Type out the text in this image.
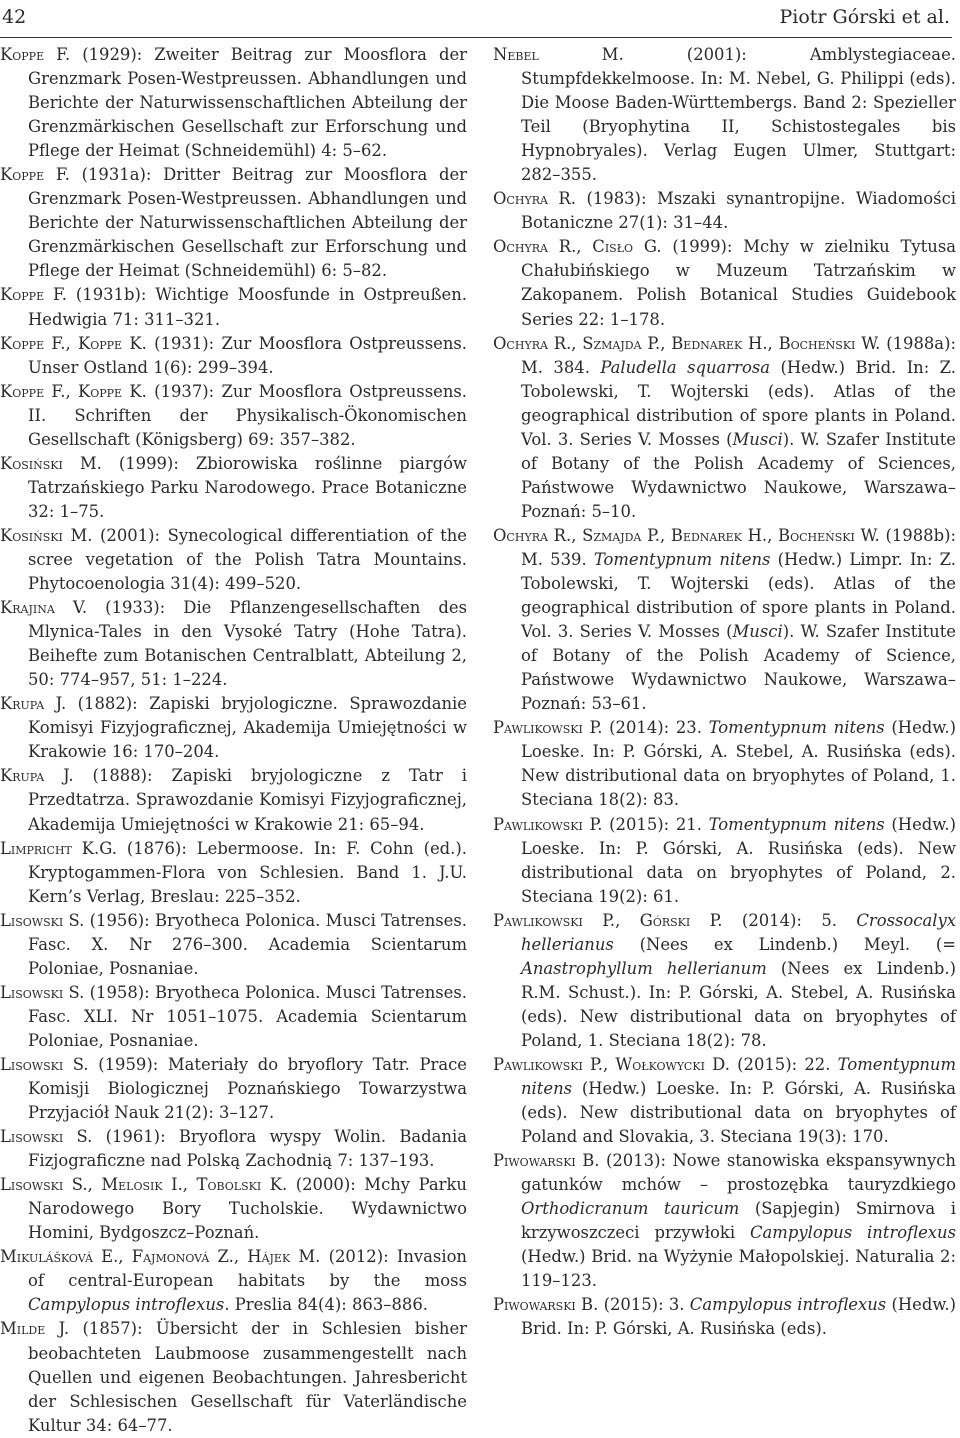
42	Piotr Górski et al.

Koppe F. (1929): Zweiter Beitrag zur Moosflora der Grenzmark Posen-Westpreussen. Abhandlungen und Berichte der Naturwissenschaftlichen Abteilung der Grenzmärkischen Gesellschaft zur Erforschung und Pflege der Heimat (Schneidemühl) 4: 5–62.

Koppe F. (1931a): Dritter Beitrag zur Moosflora der Grenzmark Posen-Westpreussen. Abhandlungen und Berichte der Naturwissenschaftlichen Abteilung der Grenzmärkischen Gesellschaft zur Erforschung und Pflege der Heimat (Schneidemühl) 6: 5–82.

Koppe F. (1931b): Wichtige Moosfunde in Ostpreußen. Hedwigia 71: 311–321.

Koppe F., Koppe K. (1931): Zur Moosflora Ostpreussens. Unser Ostland 1(6): 299–394.

Koppe F., Koppe K. (1937): Zur Moosflora Ostpreussens. II. Schriften der Physikalisch-Ökonomischen Gesellschaft (Königsberg) 69: 357–382.

Kosiński M. (1999): Zbiorowiska roślinne piargów Tatrzańskiego Parku Narodowego. Prace Botaniczne 32: 1–75.

Kosiński M. (2001): Synecological differentiation of the scree vegetation of the Polish Tatra Mountains. Phytocoenologia 31(4): 499–520.

Krajina V. (1933): Die Pflanzengesellschaften des Mlynica-Tales in den Vysoké Tatry (Hohe Tatra). Beihefte zum Botanischen Centralblatt, Abteilung 2, 50: 774–957, 51: 1–224.

Krupa J. (1882): Zapiski bryjologiczne. Sprawozdanie Komisyi Fizyjograficznej, Akademija Umiejętności w Krakowie 16: 170–204.

Krupa J. (1888): Zapiski bryjologiczne z Tatr i Przedtatrza. Sprawozdanie Komisyi Fizyjograficznej, Akademija Umiejętności w Krakowie 21: 65–94.

Limpricht K.G. (1876): Lebermoose. In: F. Cohn (ed.). Kryptogammen-Flora von Schlesien. Band 1. J.U. Kern’s Verlag, Breslau: 225–352.

Lisowski S. (1956): Bryotheca Polonica. Musci Tatrenses. Fasc. X. Nr 276–300. Academia Scientarum Poloniae, Posnaniae.

Lisowski S. (1958): Bryotheca Polonica. Musci Tatrenses. Fasc. XLI. Nr 1051–1075. Academia Scientarum Poloniae, Posnaniae.

Lisowski S. (1959): Materiały do bryoflory Tatr. Prace Komisji Biologicznej Poznańskiego Towarzystwa Przyjaciół Nauk 21(2): 3–127.

Lisowski S. (1961): Bryoflora wyspy Wolin. Badania Fizjograficzne nad Polską Zachodnią 7: 137–193.

Lisowski S., Melosik I., Tobolski K. (2000): Mchy Parku Narodowego Bory Tucholskie. Wydawnictwo Homini, Bydgoszcz–Poznań.

Mikulášková E., Fajmonová Z., Hájek M. (2012): Invasion of central-European habitats by the moss Campylopus introflexus. Preslia 84(4): 863–886.

Milde J. (1857): Übersicht der in Schlesien bisher beobachteten Laubmoose zusammengestellt nach Quellen und eigenen Beobachtungen. Jahresbericht der Schlesischen Gesellschaft für Vaterländische Kultur 34: 64–77.

Nebel M. (2001): Amblystegiaceae. Stumpfdekkelmoose. In: M. Nebel, G. Philippi (eds). Die Moose Baden-Württembergs. Band 2: Spezieller Teil (Bryophytina II, Schistostegales bis Hypnobryales). Verlag Eugen Ulmer, Stuttgart: 282–355.

Ochyra R. (1983): Mszaki synantropijne. Wiadomości Botaniczne 27(1): 31–44.

Ochyra R., Cisło G. (1999): Mchy w zielniku Tytusa Chałubińskiego w Muzeum Tatrzańskim w Zakopanem. Polish Botanical Studies Guidebook Series 22: 1–178.

Ochyra R., Szmajda P., Bednarek H., Bocheński W. (1988a): M. 384. Paludella squarrosa (Hedw.) Brid. In: Z. Tobolewski, T. Wojterski (eds). Atlas of the geographical distribution of spore plants in Poland. Vol. 3. Series V. Mosses (Musci). W. Szafer Institute of Botany of the Polish Academy of Sciences, Państwowe Wydawnictwo Naukowe, Warszawa–Poznań: 5–10.

Ochyra R., Szmajda P., Bednarek H., Bocheński W. (1988b): M. 539. Tomentypnum nitens (Hedw.) Limpr. In: Z. Tobolewski, T. Wojterski (eds). Atlas of the geographical distribution of spore plants in Poland. Vol. 3. Series V. Mosses (Musci). W. Szafer Institute of Botany of the Polish Academy of Science, Państwowe Wydawnictwo Naukowe, Warszawa–Poznań: 53–61.

Pawlikowski P. (2014): 23. Tomentypnum nitens (Hedw.) Loeske. In: P. Górski, A. Stebel, A. Rusińska (eds). New distributional data on bryophytes of Poland, 1. Steciana 18(2): 83.

Pawlikowski P. (2015): 21. Tomentypnum nitens (Hedw.) Loeske. In: P. Górski, A. Rusińska (eds). New distributional data on bryophytes of Poland, 2. Steciana 19(2): 61.

Pawlikowski P., Górski P. (2014): 5. Crossocalyx hellerianus (Nees ex Lindenb.) Meyl. (= Anastrophyllum hellerianum (Nees ex Lindenb.) R.M. Schust.). In: P. Górski, A. Stebel, A. Rusińska (eds). New distributional data on bryophytes of Poland, 1. Steciana 18(2): 78.

Pawlikowski P., Wołkowycki D. (2015): 22. Tomentypnum nitens (Hedw.) Loeske. In: P. Górski, A. Rusińska (eds). New distributional data on bryophytes of Poland and Slovakia, 3. Steciana 19(3): 170.

Piwowarski B. (2013): Nowe stanowiska ekspansywnych gatunków mchów – prostozębka tauryzdkiego Orthodicranum tauricum (Sapjegin) Smirnova i krzywoszczeci przywłoki Campylopus introflexus (Hedw.) Brid. na Wyżynie Małopolskiej. Naturalia 2: 119–123.

Piwowarski B. (2015): 3. Campylopus introflexus (Hedw.) Brid. In: P. Górski, A. Rusińska (eds).
